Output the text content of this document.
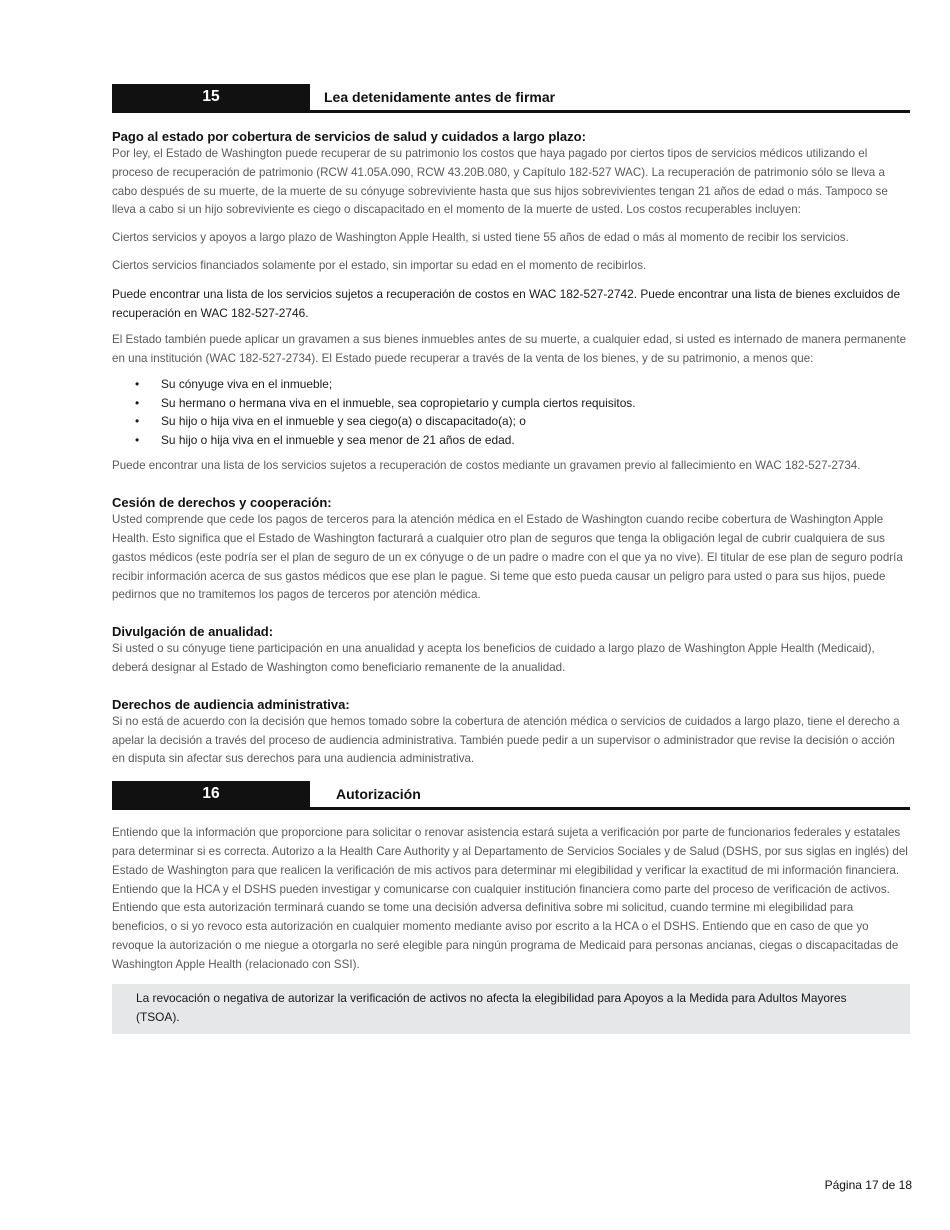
15	Lea detenidamente antes de firmar
Pago al estado por cobertura de servicios de salud y cuidados a largo plazo:

Por ley, el Estado de Washington puede recuperar de su patrimonio los costos que haya pagado por ciertos tipos de servicios médicos utilizando el proceso de recuperación de patrimonio (RCW 41.05A.090, RCW 43.20B.080, y Capítulo 182-527 WAC). La recuperación de patrimonio sólo se lleva a cabo después de su muerte, de la muerte de su cónyuge sobreviviente hasta que sus hijos sobrevivientes tengan 21 años de edad o más. Tampoco se lleva a cabo si un hijo sobreviviente es ciego o discapacitado en el momento de la muerte de usted. Los costos recuperables incluyen:

Ciertos servicios y apoyos a largo plazo de Washington Apple Health, si usted tiene 55 años de edad o más al momento de recibir los servicios.

Ciertos servicios financiados solamente por el estado, sin importar su edad en el momento de recibirlos.

Puede encontrar una lista de los servicios sujetos a recuperación de costos en WAC 182-527-2742. Puede encontrar una lista de bienes excluidos de recuperación en WAC 182-527-2746.

El Estado también puede aplicar un gravamen a sus bienes inmuebles antes de su muerte, a cualquier edad, si usted es internado de manera permanente en una institución (WAC 182-527-2734). El Estado puede recuperar a través de la venta de los bienes, y de su patrimonio, a menos que:

• Su cónyuge viva en el inmueble;
• Su hermano o hermana viva en el inmueble, sea copropietario y cumpla ciertos requisitos.
• Su hijo o hija viva en el inmueble y sea ciego(a) o discapacitado(a); o
• Su hijo o hija viva en el inmueble y sea menor de 21 años de edad.

Puede encontrar una lista de los servicios sujetos a recuperación de costos mediante un gravamen previo al fallecimiento en WAC 182-527-2734.

Cesión de derechos y cooperación:

Usted comprende que cede los pagos de terceros para la atención médica en el Estado de Washington cuando recibe cobertura de Washington Apple Health. Esto significa que el Estado de Washington facturará a cualquier otro plan de seguros que tenga la obligación legal de cubrir cualquiera de sus gastos médicos (este podría ser el plan de seguro de un ex cónyuge o de un padre o madre con el que ya no vive). El titular de ese plan de seguro podría recibir información acerca de sus gastos médicos que ese plan le pague. Si teme que esto pueda causar un peligro para usted o para sus hijos, puede pedirnos que no tramitemos los pagos de terceros por atención médica.

Divulgación de anualidad:

Si usted o su cónyuge tiene participación en una anualidad y acepta los beneficios de cuidado a largo plazo de Washington Apple Health (Medicaid), deberá designar al Estado de Washington como beneficiario remanente de la anualidad.

Derechos de audiencia administrativa:

Si no está de acuerdo con la decisión que hemos tomado sobre la cobertura de atención médica o servicios de cuidados a largo plazo, tiene el derecho a apelar la decisión a través del proceso de audiencia administrativa. También puede pedir a un supervisor o administrador que revise la decisión o acción en disputa sin afectar sus derechos para una audiencia administrativa.

16	Autorización

Entiendo que la información que proporcione para solicitar o renovar asistencia estará sujeta a verificación por parte de funcionarios federales y estatales para determinar si es correcta. Autorizo a la Health Care Authority y al Departamento de Servicios Sociales y de Salud (DSHS, por sus siglas en inglés) del Estado de Washington para que realicen la verificación de mis activos para determinar mi elegibilidad y verificar la exactitud de mi información financiera. Entiendo que la HCA y el DSHS pueden investigar y comunicarse con cualquier institución financiera como parte del proceso de verificación de activos. Entiendo que esta autorización terminará cuando se tome una decisión adversa definitiva sobre mi solicitud, cuando termine mi elegibilidad para beneficios, o si yo revoco esta autorización en cualquier momento mediante aviso por escrito a la HCA o el DSHS. Entiendo que en caso de que yo revoque la autorización o me niegue a otorgarla no seré elegible para ningún programa de Medicaid para personas ancianas, ciegas o discapacitadas de Washington Apple Health (relacionado con SSI).

La revocación o negativa de autorizar la verificación de activos no afecta la elegibilidad para Apoyos a la Medida para Adultos Mayores (TSOA).
Página 17 de 18
